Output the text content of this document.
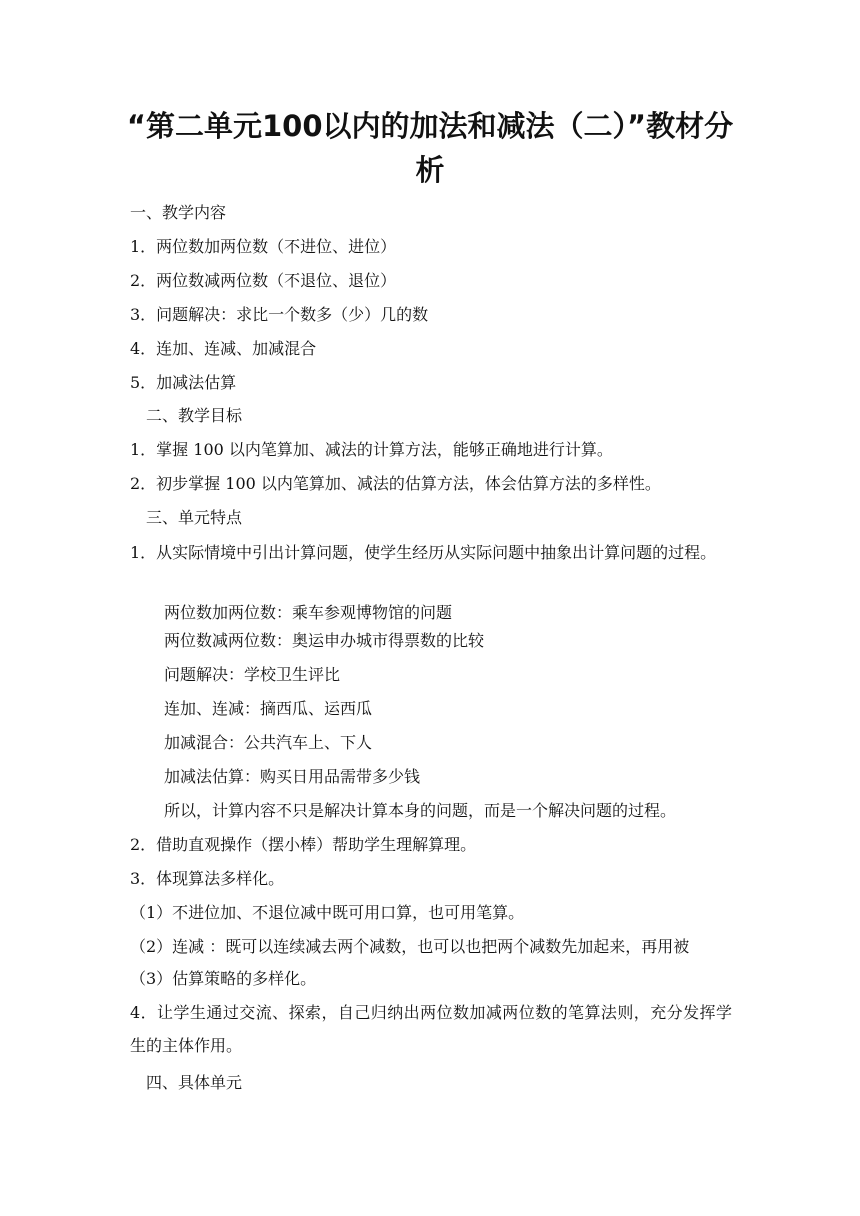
“第二单元100以内的加法和减法（二）”教材分
析
一、教学内容
1．两位数加两位数（不进位、进位）
2．两位数减两位数（不退位、退位）
3．问题解决：求比一个数多（少）几的数
4．连加、连减、加减混合
5．加减法估算
二、教学目标
1．掌握 100 以内笔算加、减法的计算方法，能够正确地进行计算。
2．初步掌握 100 以内笔算加、减法的估算方法，体会估算方法的多样性。
三、单元特点
1．从实际情境中引出计算问题，使学生经历从实际问题中抽象出计算问题的过程。
两位数加两位数：乘车参观博物馆的问题
两位数减两位数：奥运申办城市得票数的比较
问题解决：学校卫生评比
连加、连减：摘西瓜、运西瓜
加减混合：公共汽车上、下人
加减法估算：购买日用品需带多少钱
所以，计算内容不只是解决计算本身的问题，而是一个解决问题的过程。
2．借助直观操作（摆小棒）帮助学生理解算理。
3．体现算法多样化。
（1）不进位加、不退位减中既可用口算，也可用笔算。
（2）连减 ：既可以连续减去两个减数，也可以也把两个减数先加起来，再用被
（3）估算策略的多样化。
4．让学生通过交流、探索，自己归纳出两位数加减两位数的笔算法则，充分发挥学生的主体作用。
四、具体单元
